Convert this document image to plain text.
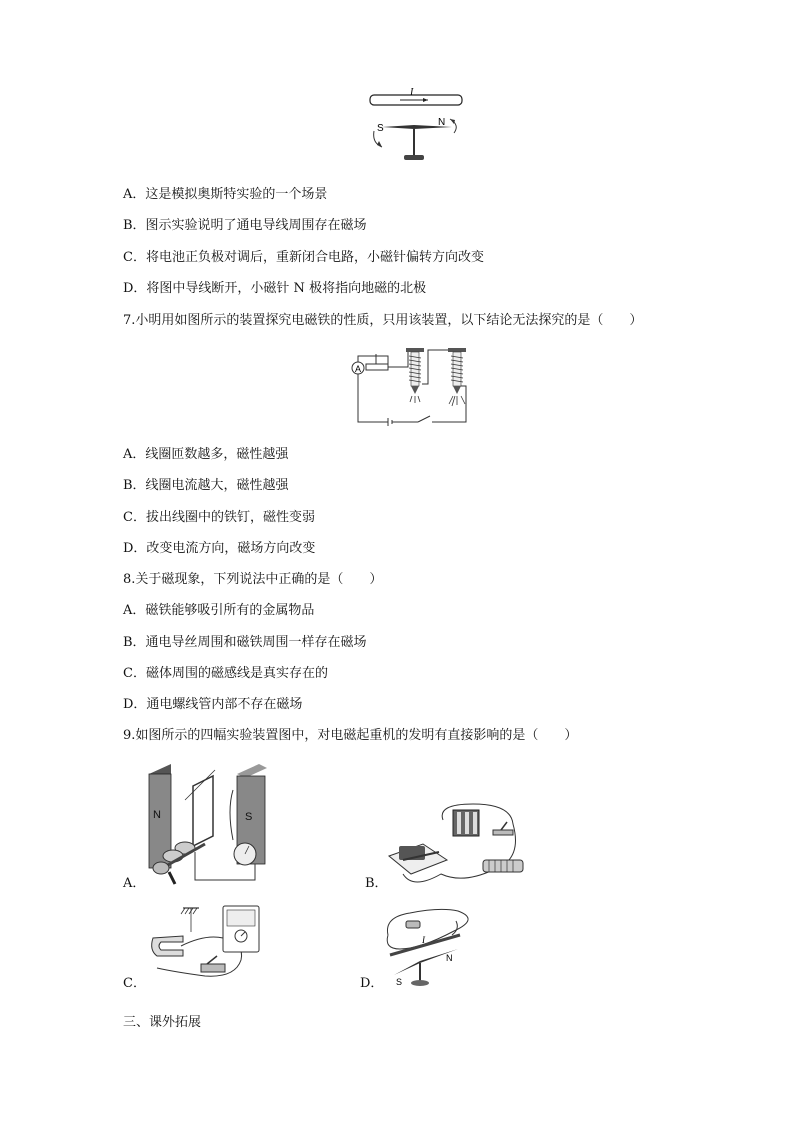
I
S
N
A．这是模拟奥斯特实验的一个场景
B．图示实验说明了通电导线周围存在磁场
C．将电池正负极对调后，重新闭合电路，小磁针偏转方向改变
D．将图中导线断开，小磁针 N 极将指向地磁的北极
7.小明用如图所示的装置探究电磁铁的性质，只用该装置，以下结论无法探究的是（　　）
A
A．线圈匝数越多，磁性越强
B．线圈电流越大，磁性越强
C．拔出线圈中的铁钉，磁性变弱
D．改变电流方向，磁场方向改变
8.关于磁现象，下列说法中正确的是（　　）
A．磁铁能够吸引所有的金属物品
B．通电导丝周围和磁铁周围一样存在磁场
C．磁体周围的磁感线是真实存在的
D．通电螺线管内部不存在磁场
9.如图所示的四幅实验装置图中，对电磁起重机的发明有直接影响的是（　　）
N	S
A．	B．
C．
I
S
N
D．
三、课外拓展
